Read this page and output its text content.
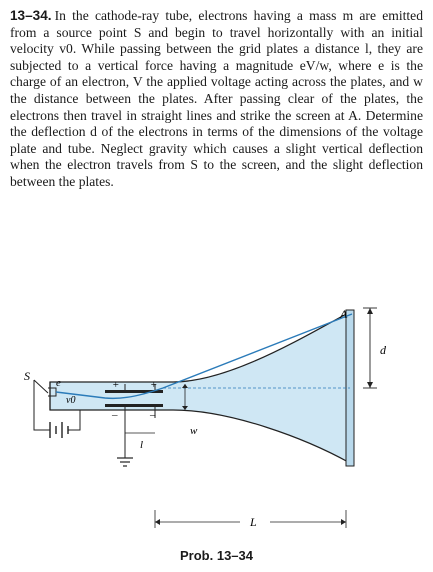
13–34. In the cathode-ray tube, electrons having a mass m are emitted from a source point S and begin to travel horizontally with an initial velocity v0. While passing between the grid plates a distance l, they are subjected to a vertical force having a magnitude eV/w, where e is the charge of an electron, V the applied voltage acting across the plates, and w the distance between the plates. After passing clear of the plates, the electrons then travel in straight lines and strike the screen at A. Determine the deflection d of the electrons in terms of the dimensions of the voltage plate and tube. Neglect gravity which causes a slight vertical deflection when the electron travels from S to the screen, and the slight deflection between the plates.

A
d
S e
v0
+	+
–	–
w
l
L
Prob. 13–34
